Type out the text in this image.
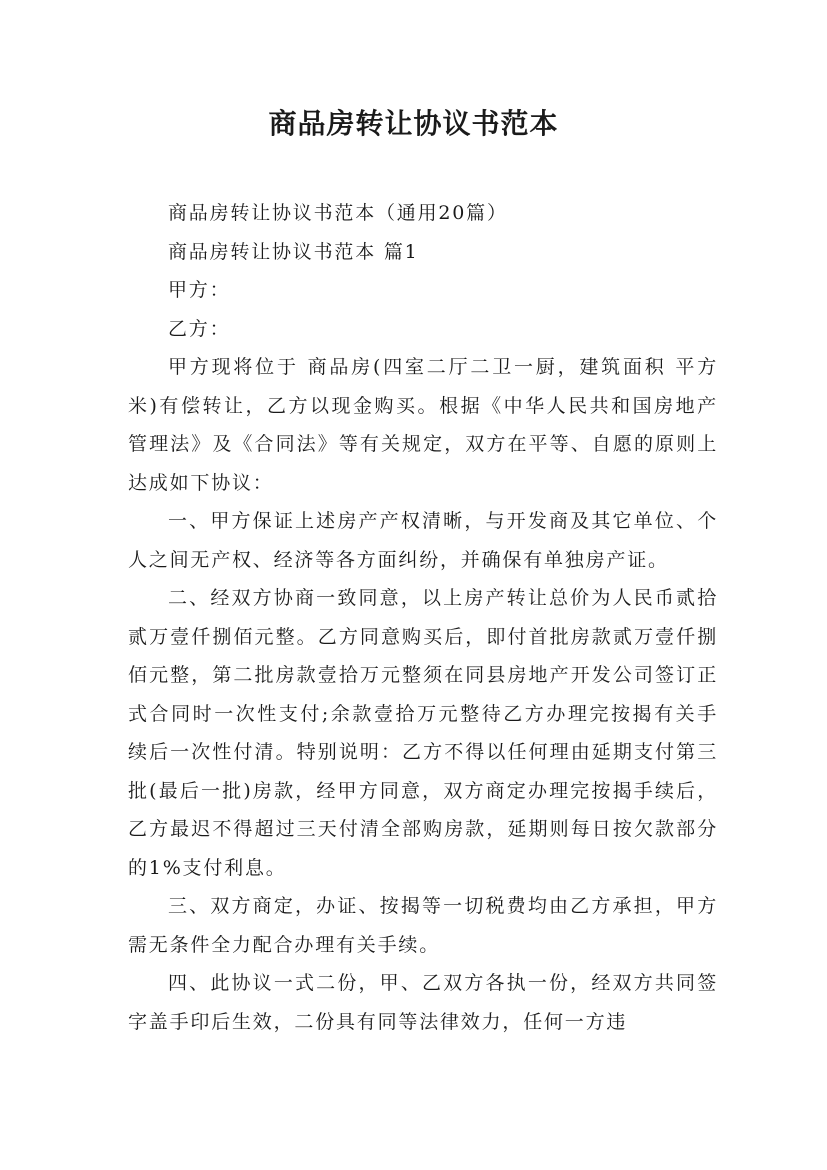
商品房转让协议书范本

商品房转让协议书范本（通用20篇）

商品房转让协议书范本 篇1

甲方：

乙方：

甲方现将位于 商品房(四室二厅二卫一厨，建筑面积 平方米)有偿转让，乙方以现金购买。根据《中华人民共和国房地产管理法》及《合同法》等有关规定，双方在平等、自愿的原则上达成如下协议：

一、甲方保证上述房产产权清晰，与开发商及其它单位、个人之间无产权、经济等各方面纠纷，并确保有单独房产证。

二、经双方协商一致同意，以上房产转让总价为人民币贰拾贰万壹仟捌佰元整。乙方同意购买后，即付首批房款贰万壹仟捌佰元整，第二批房款壹拾万元整须在同县房地产开发公司签订正式合同时一次性支付;余款壹拾万元整待乙方办理完按揭有关手续后一次性付清。特别说明：乙方不得以任何理由延期支付第三批(最后一批)房款，经甲方同意，双方商定办理完按揭手续后，乙方最迟不得超过三天付清全部购房款，延期则每日按欠款部分的1%支付利息。

三、双方商定，办证、按揭等一切税费均由乙方承担，甲方需无条件全力配合办理有关手续。

四、此协议一式二份，甲、乙双方各执一份，经双方共同签字盖手印后生效，二份具有同等法律效力，任何一方违
